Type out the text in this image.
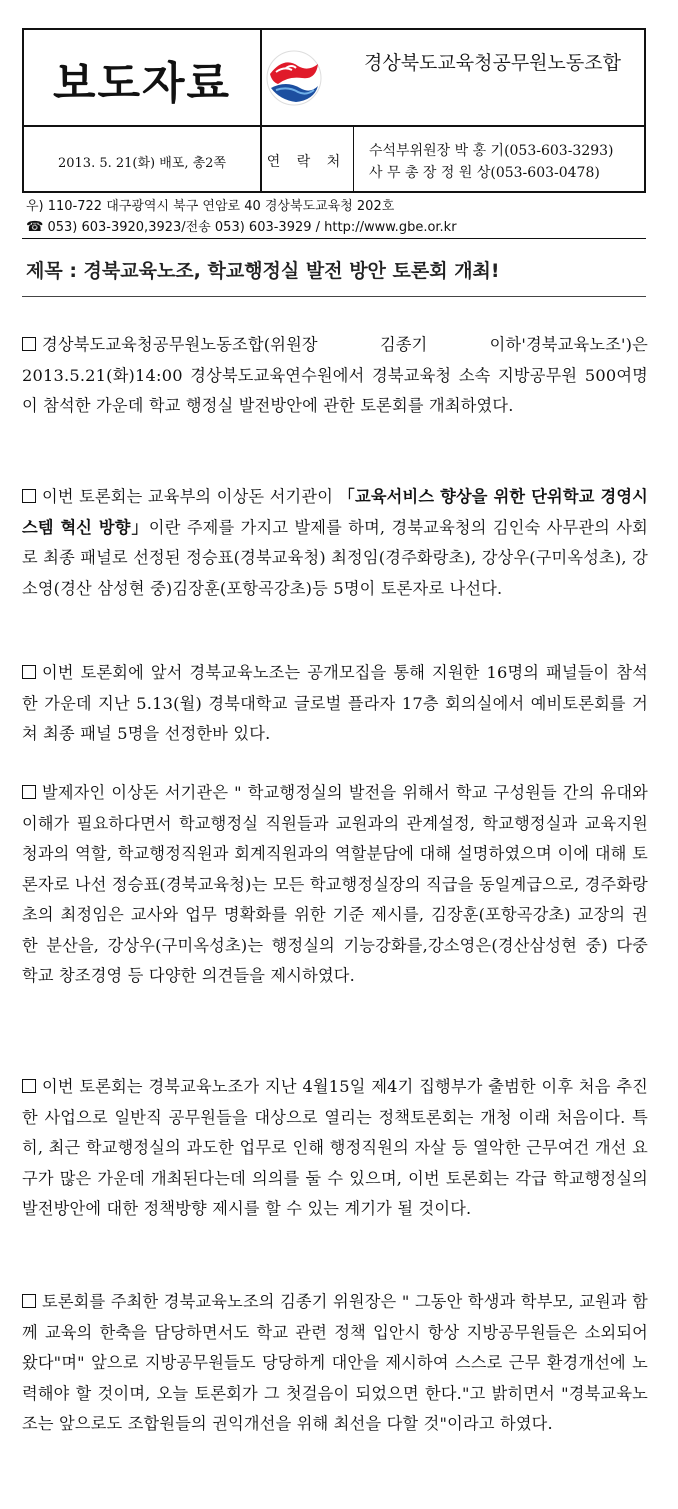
보도자료	경상북도교육청공무원노동조합
2013. 5. 21(화) 배포, 총2쪽	연 락 처
수석부위원장 박 홍 기(053-603-3293)
사 무 총 장 정 원 상(053-603-0478)
우) 110-722 대구광역시 북구 연암로 40 경상북도교육청 202호
☎ 053) 603-3920,3923/전송 053) 603-3929 / http://www.gbe.or.kr
제목 : 경북교육노조, 학교행정실 발전 방안 토론회 개최!
경상북도교육청공무원노동조합(위원장 김종기 이하'경북교육노조')은 2013.5.21(화)14:00 경상북도교육연수원에서 경북교육청 소속 지방공무원 500여명이 참석한 가운데 학교 행정실 발전방안에 관한 토론회를 개최하였다.
이번 토론회는 교육부의 이상돈 서기관이 「교육서비스 향상을 위한 단위학교 경영시스템 혁신 방향」이란 주제를 가지고 발제를 하며, 경북교육청의 김인숙 사무관의 사회로 최종 패널로 선정된 정승표(경북교육청) 최정임(경주화랑초), 강상우(구미옥성초), 강소영(경산 삼성현 중)김장훈(포항곡강초)등 5명이 토론자로 나선다.
이번 토론회에 앞서 경북교육노조는 공개모집을 통해 지원한 16명의 패널들이 참석한 가운데 지난 5.13(월) 경북대학교 글로벌 플라자 17층 회의실에서 예비토론회를 거쳐 최종 패널 5명을 선정한바 있다.
발제자인 이상돈 서기관은 " 학교행정실의 발전을 위해서 학교 구성원들 간의 유대와 이해가 필요하다면서 학교행정실 직원들과 교원과의 관계설정, 학교행정실과 교육지원청과의 역할, 학교행정직원과 회계직원과의 역할분담에 대해 설명하였으며 이에 대해 토론자로 나선 정승표(경북교육청)는 모든 학교행정실장의 직급을 동일계급으로, 경주화랑초의 최정임은 교사와 업무 명확화를 위한 기준 제시를, 김장훈(포항곡강초) 교장의 권한 분산을, 강상우(구미옥성초)는 행정실의 기능강화를,강소영은(경산삼성현 중) 다중 학교 창조경영 등 다양한 의견들을 제시하였다.
이번 토론회는 경북교육노조가 지난 4월15일 제4기 집행부가 출범한 이후 처음 추진한 사업으로 일반직 공무원들을 대상으로 열리는 정책토론회는 개청 이래 처음이다. 특히, 최근 학교행정실의 과도한 업무로 인해 행정직원의 자살 등 열악한 근무여건 개선 요구가 많은 가운데 개최된다는데 의의를 둘 수 있으며, 이번 토론회는 각급 학교행정실의 발전방안에 대한 정책방향 제시를 할 수 있는 계기가 될 것이다.
토론회를 주최한 경북교육노조의 김종기 위원장은 " 그동안 학생과 학부모, 교원과 함께 교육의 한축을 담당하면서도 학교 관련 정책 입안시 항상 지방공무원들은 소외되어 왔다"며" 앞으로 지방공무원들도 당당하게 대안을 제시하여 스스로 근무 환경개선에 노력해야 할 것이며, 오늘 토론회가 그 첫걸음이 되었으면 한다."고 밝히면서 "경북교육노조는 앞으로도 조합원들의 권익개선을 위해 최선을 다할 것"이라고 하였다.
